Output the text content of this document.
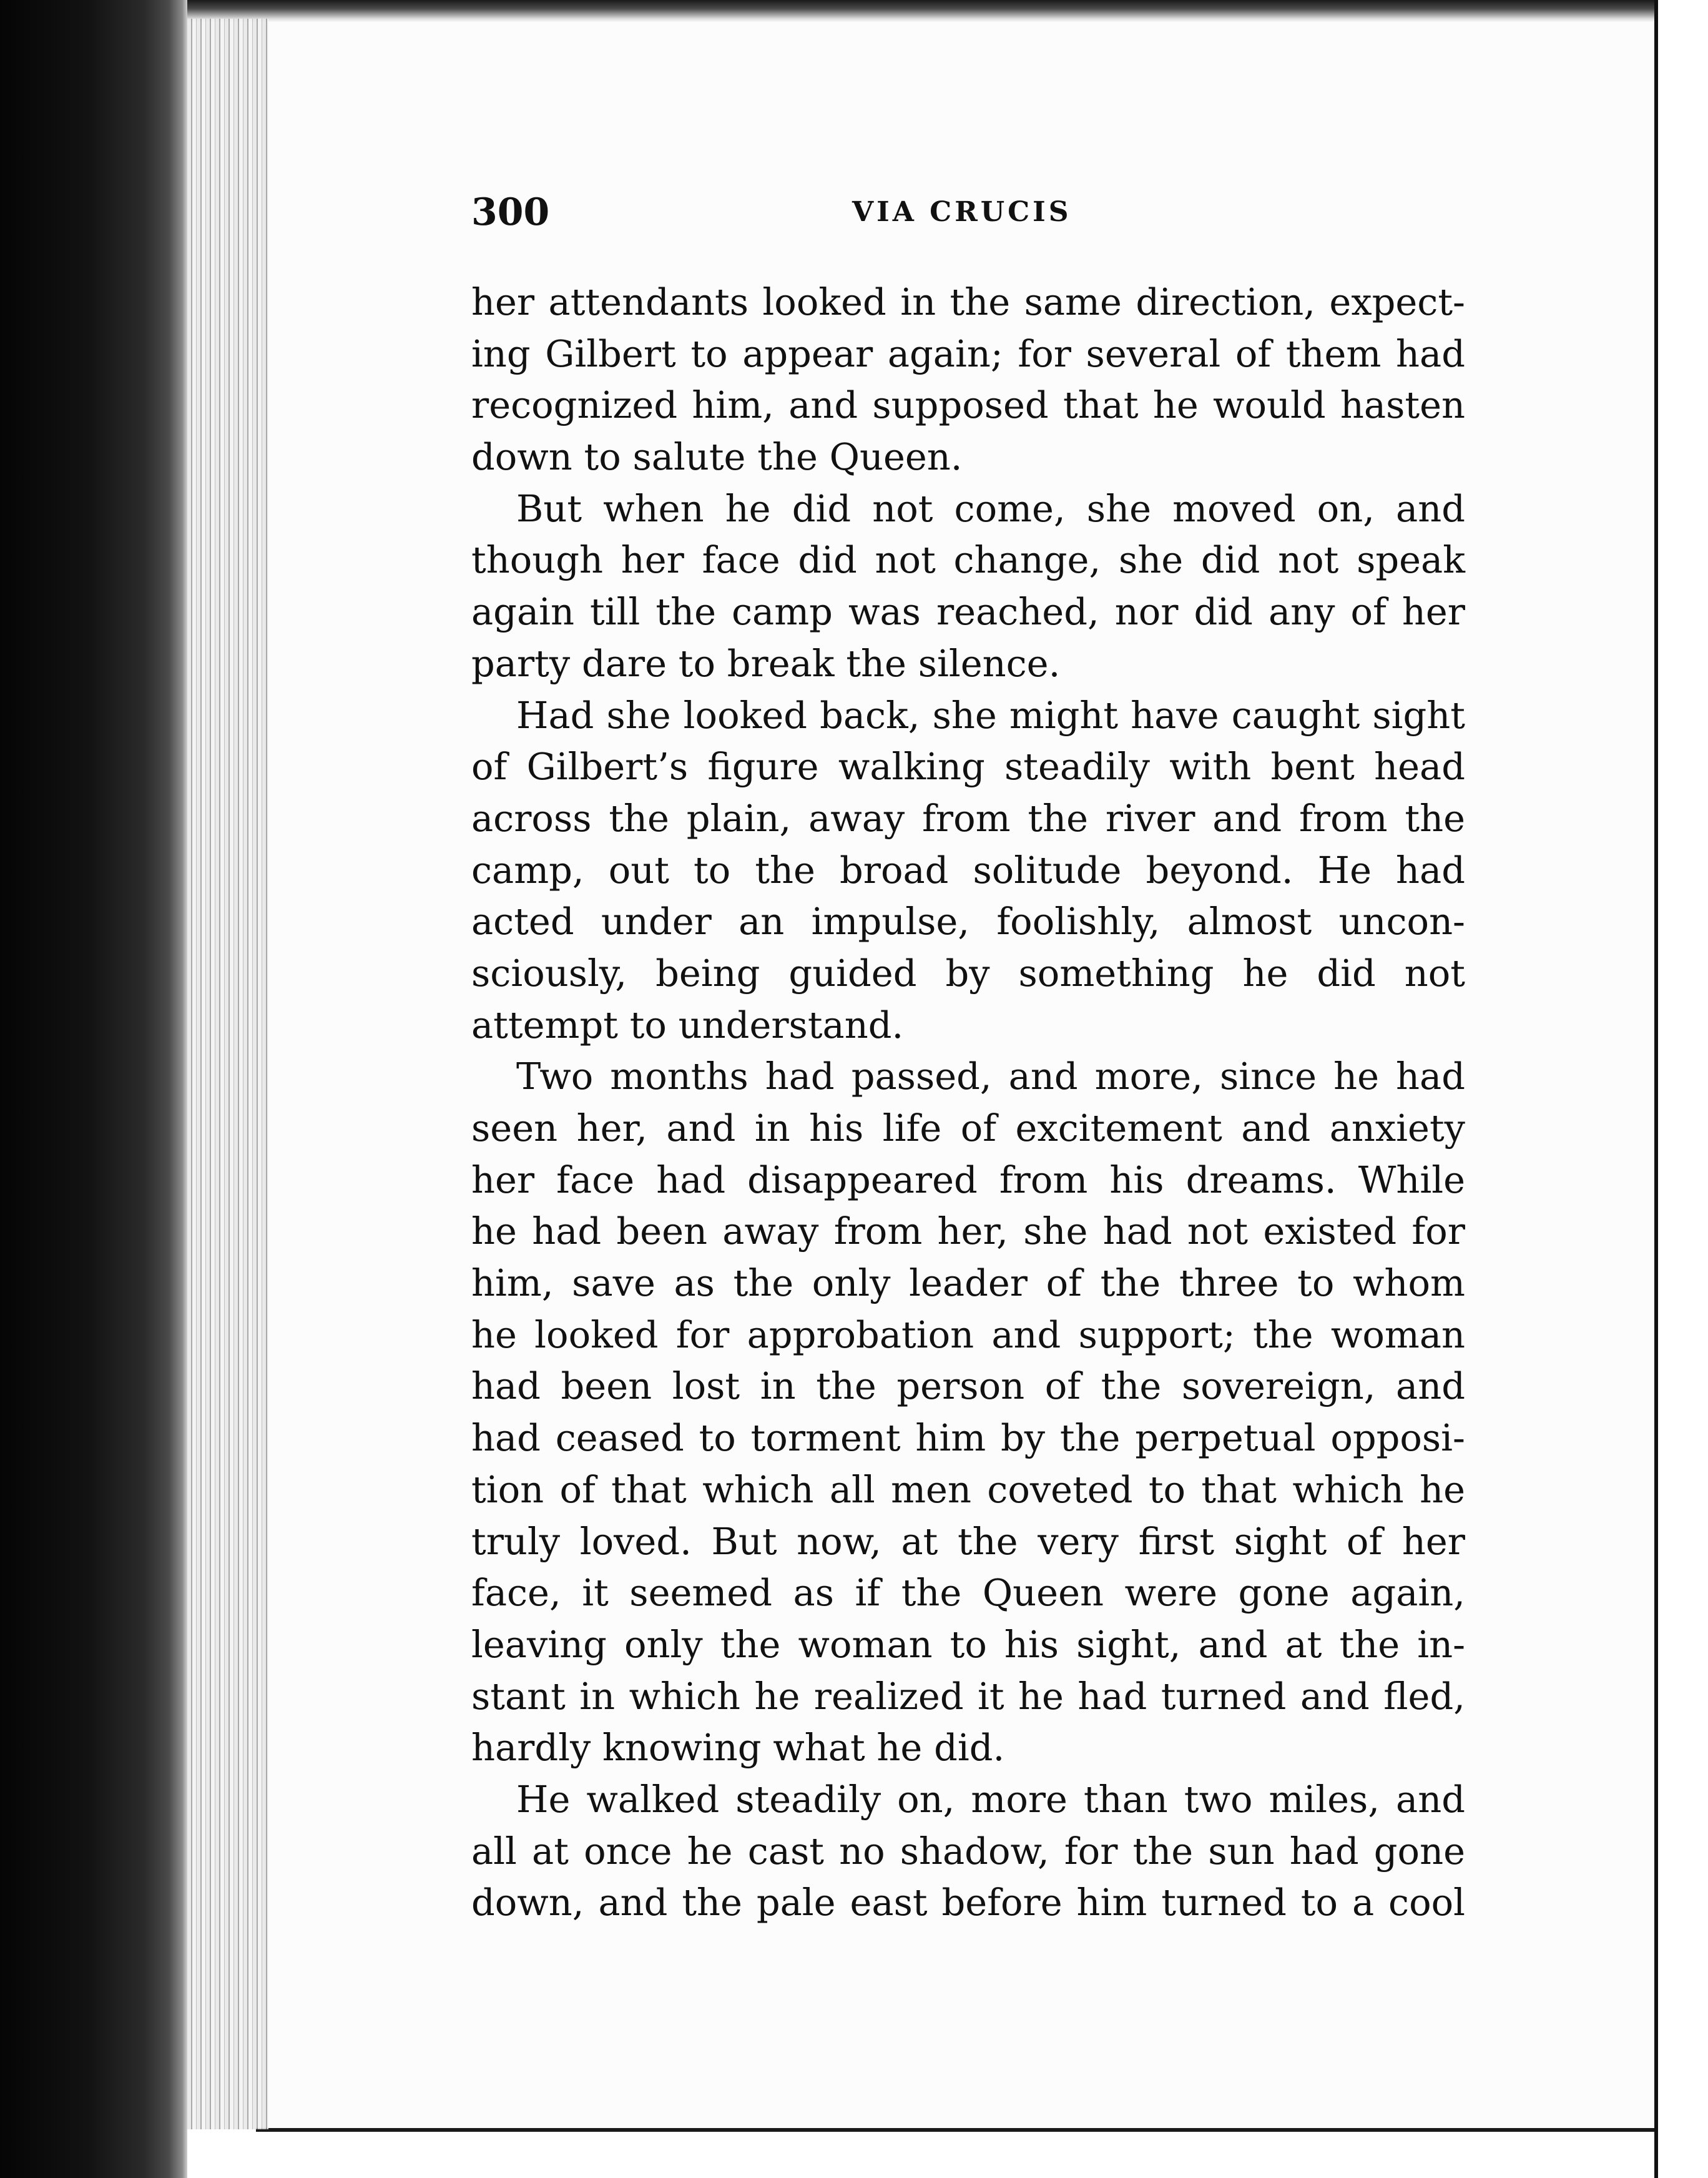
300	VIA CRUCIS
her attendants looked in the same direction, expect-
ing Gilbert to appear again; for several of them had
recognized him, and supposed that he would hasten
down to salute the Queen.
But when he did not come, she moved on, and
though her face did not change, she did not speak
again till the camp was reached, nor did any of her
party dare to break the silence.
Had she looked back, she might have caught sight
of Gilbert’s figure walking steadily with bent head
across the plain, away from the river and from the
camp, out to the broad solitude beyond. He had
acted under an impulse, foolishly, almost uncon-
sciously, being guided by something he did not
attempt to understand.
Two months had passed, and more, since he had
seen her, and in his life of excitement and anxiety
her face had disappeared from his dreams. While
he had been away from her, she had not existed for
him, save as the only leader of the three to whom
he looked for approbation and support; the woman
had been lost in the person of the sovereign, and
had ceased to torment him by the perpetual opposi-
tion of that which all men coveted to that which he
truly loved. But now, at the very first sight of her
face, it seemed as if the Queen were gone again,
leaving only the woman to his sight, and at the in-
stant in which he realized it he had turned and fled,
hardly knowing what he did.
He walked steadily on, more than two miles, and
all at once he cast no shadow, for the sun had gone
down, and the pale east before him turned to a cool
